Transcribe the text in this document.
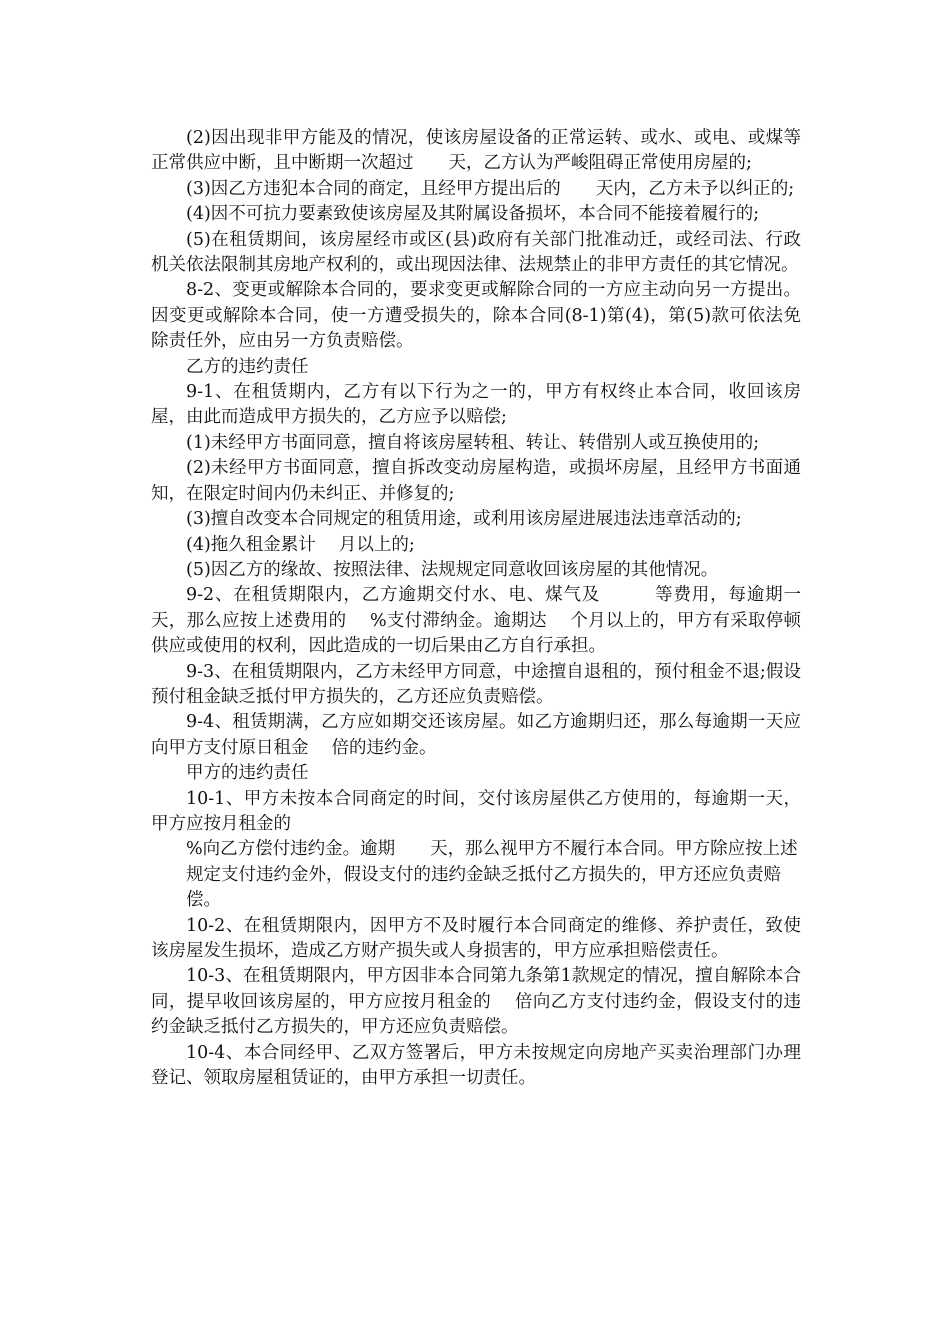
(2)因出现非甲方能及的情况，使该房屋设备的正常运转、或水、或电、或煤等正常供应中断，且中断期一次超过　　天，乙方认为严峻阻碍正常使用房屋的;

(3)因乙方违犯本合同的商定，且经甲方提出后的　　天内，乙方未予以纠正的;

(4)因不可抗力要素致使该房屋及其附属设备损坏，本合同不能接着履行的;

(5)在租赁期间，该房屋经市或区(县)政府有关部门批准动迁，或经司法、行政机关依法限制其房地产权利的，或出现因法律、法规禁止的非甲方责任的其它情况。

8-2、变更或解除本合同的，要求变更或解除合同的一方应主动向另一方提出。因变更或解除本合同，使一方遭受损失的，除本合同(8-1)第(4)，第(5)款可依法免除责任外，应由另一方负责赔偿。

乙方的违约责任

9-1、在租赁期内，乙方有以下行为之一的，甲方有权终止本合同，收回该房屋，由此而造成甲方损失的，乙方应予以赔偿;

(1)未经甲方书面同意，擅自将该房屋转租、转让、转借别人或互换使用的;

(2)未经甲方书面同意，擅自拆改变动房屋构造，或损坏房屋，且经甲方书面通知，在限定时间内仍未纠正、并修复的;

(3)擅自改变本合同规定的租赁用途，或利用该房屋进展违法违章活动的;

(4)拖久租金累计　 月以上的;

(5)因乙方的缘故、按照法律、法规规定同意收回该房屋的其他情况。

9-2、在租赁期限内，乙方逾期交付水、电、煤气及　　　等费用，每逾期一天，那么应按上述费用的　 %支付滞纳金。逾期达　 个月以上的，甲方有采取停顿供应或使用的权利，因此造成的一切后果由乙方自行承担。

9-3、在租赁期限内，乙方未经甲方同意，中途擅自退租的，预付租金不退;假设预付租金缺乏抵付甲方损失的，乙方还应负责赔偿。

9-4、租赁期满，乙方应如期交还该房屋。如乙方逾期归还，那么每逾期一天应向甲方支付原日租金　 倍的违约金。

甲方的违约责任

10-1、甲方未按本合同商定的时间，交付该房屋供乙方使用的，每逾期一天，甲方应按月租金的

%向乙方偿付违约金。逾期　　天，那么视甲方不履行本合同。甲方除应按上述规定支付违约金外，假设支付的违约金缺乏抵付乙方损失的，甲方还应负责赔偿。

10-2、在租赁期限内，因甲方不及时履行本合同商定的维修、养护责任，致使该房屋发生损坏，造成乙方财产损失或人身损害的，甲方应承担赔偿责任。

10-3、在租赁期限内，甲方因非本合同第九条第1款规定的情况，擅自解除本合同，提早收回该房屋的，甲方应按月租金的　 倍向乙方支付违约金，假设支付的违约金缺乏抵付乙方损失的，甲方还应负责赔偿。

10-4、本合同经甲、乙双方签署后，甲方未按规定向房地产买卖治理部门办理登记、领取房屋租赁证的，由甲方承担一切责任。
